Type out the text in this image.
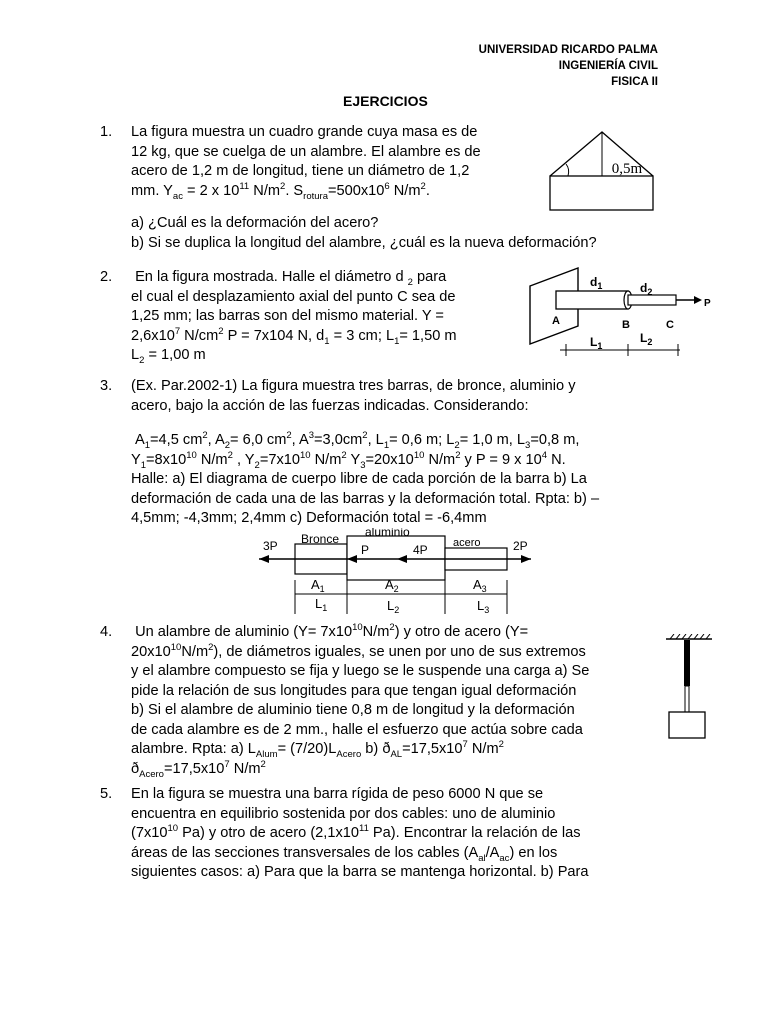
UNIVERSIDAD RICARDO PALMA
INGENIERÍA CIVIL
FISICA II
EJERCICIOS
1. La figura muestra un cuadro grande cuya masa es de

12 kg, que se cuelga de un alambre. El alambre es de

acero de 1,2 m de longitud, tiene un diámetro de 1,2

mm. $Y_{ac} = 2$ x $10^{11}$ $N/m^2$. $S_{rotura}=500x10^6$ $N/m^2$.

a) ¿Cuál es la deformación del acero?

b) Si se duplica la longitud del alambre, ¿cuál es la nueva deformación?

0,5m
2. En la figura mostrada. Halle el diámetro d $_2$ para

el cual el desplazamiento axial del punto C sea de

1,25 mm; las barras son del mismo material. Y =

$2,6x10^7$ $N/cm^2$ P = 7x104 N, $d_1 = 3$ cm; $L_1= 1,50$ m

$L_2 = 1,00$ m

$d_1$	$d_2$
P
A	B	C
$L_1$
$L_2$
3. (Ex. Par.2002-1) La figura muestra tres barras, de bronce, aluminio y

acero, bajo la acción de las fuerzas indicadas. Considerando:

$A_1=4,5$ $cm^2$, $A_2= 6,0$ $cm^2$, $A^3=3,0cm^2$, $L_1= 0,6$ m; $L_2= 1,0$ m, $L_3=0,8$ m,

$Y_1=8x10^{10}$ $N/m^2$ , $Y_2=7x10^{10}$ $N/m^2$ $Y_3=20x10^{10}$ $N/m^2$ y P = 9 x $10^4$ N.

Halle: a) El diagrama de cuerpo libre de cada porción de la barra b) La

deformación de cada una de las barras y la deformación total. Rpta: b) –

4,5mm; -4,3mm; 2,4mm c) Deformación total = -6,4mm

3P Bronce aluminio
P	4P acero	2P
$A_1$	$A_2$	$A_3$
$L_1$	$L_2$	$L_3$
4. Un alambre de aluminio $(Y= 7x10^{10}N/m^2)$ y otro de acero (Y=

$20x10^{10}N/m^2$), de diámetros iguales, se unen por uno de sus extremos

y el alambre compuesto se fija y luego se le suspende una carga a) Se

pide la relación de sus longitudes para que tengan igual deformación

b) Si el alambre de aluminio tiene 0,8 m de longitud y la deformación

de cada alambre es de 2 mm., halle el esfuerzo que actúa sobre cada

alambre. Rpta: a) $L_{Alum}= (7/20)L_{Acero}$ b) $ð_{AL}=17,5x10^7$ $N/m^2$

$ð_{Acero}=17,5x10^7$ $N/m^2$

5. En la figura se muestra una barra rígida de peso 6000 N que se

encuentra en equilibrio sostenida por dos cables: uno de aluminio

($7x10^{10}$ Pa) y otro de acero ($2,1x10^{11}$ Pa). Encontrar la relación de las

áreas de las secciones transversales de los cables $(A_{al}/A_{ac})$ en los

siguientes casos: a) Para que la barra se mantenga horizontal. b) Para
